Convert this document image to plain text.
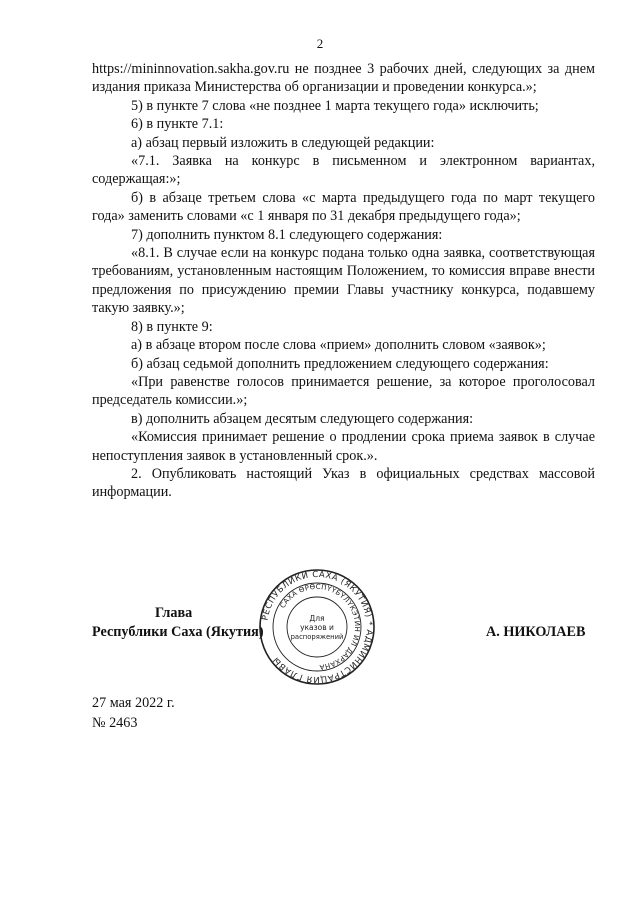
2

https://mininnovation.sakha.gov.ru не позднее 3 рабочих дней, следующих за днем издания приказа Министерства об организации и проведении конкурса.»;

5) в пункте 7 слова «не позднее 1 марта текущего года» исключить;

6) в пункте 7.1:

а) абзац первый изложить в следующей редакции:

«7.1. Заявка на конкурс в письменном и электронном вариантах, содержащая:»;

б) в абзаце третьем слова «с марта предыдущего года по март текущего года» заменить словами «с 1 января по 31 декабря предыдущего года»;

7) дополнить пунктом 8.1 следующего содержания:

«8.1. В случае если на конкурс подана только одна заявка, соответствующая требованиям, установленным настоящим Положением, то комиссия вправе внести предложения по присуждению премии Главы участнику конкурса, подавшему такую заявку.»;

8) в пункте 9:

а) в абзаце втором после слова «прием» дополнить словом «заявок»;

б) абзац седьмой дополнить предложением следующего содержания:

«При равенстве голосов принимается решение, за которое проголосовал председатель комиссии.»;

в) дополнить абзацем десятым следующего содержания:

«Комиссия принимает решение о продлении срока приема заявок в случае непоступления заявок в установленный срок.».

2. Опубликовать настоящий Указ в официальных средствах массовой информации.

Глава
Республики Саха (Якутия)	А. НИКОЛАЕВ
РЕСПУБЛИКИ САХА (ЯКУТИЯ) * АДМИНИСТРАЦИЯ ГЛАВЫ
САХА ӨРӨСПҮҮБҮЛҮКЭТИН ИЛ ДАРХАНА
Для
указов и
распоряжений
27 мая 2022 г.
№ 2463
